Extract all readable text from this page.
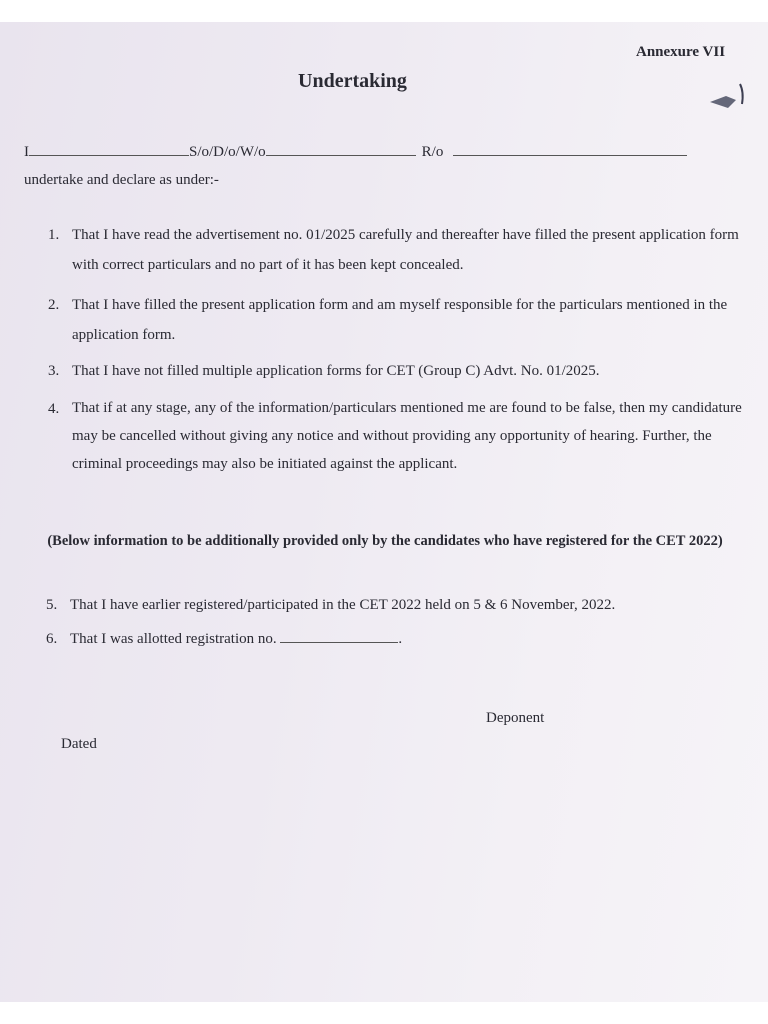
Annexure VII
Undertaking
I	S/o/D/o/W/o	R/o
undertake and declare as under:-
1. That I have read the advertisement no. 01/2025 carefully and thereafter have filled the present application form with correct particulars and no part of it has been kept concealed.
2. That I have filled the present application form and am myself responsible for the particulars mentioned in the application form.
3. That I have not filled multiple application forms for CET (Group C) Advt. No. 01/2025.
4. That if at any stage, any of the information/particulars mentioned me are found to be false, then my candidature may be cancelled without giving any notice and without providing any opportunity of hearing. Further, the criminal proceedings may also be initiated against the applicant.
(Below information to be additionally provided only by the candidates who have registered for the CET 2022)
5. That I have earlier registered/participated in the CET 2022 held on 5 & 6 November, 2022.
6. That I was allotted registration no.	.
Deponent
Dated
